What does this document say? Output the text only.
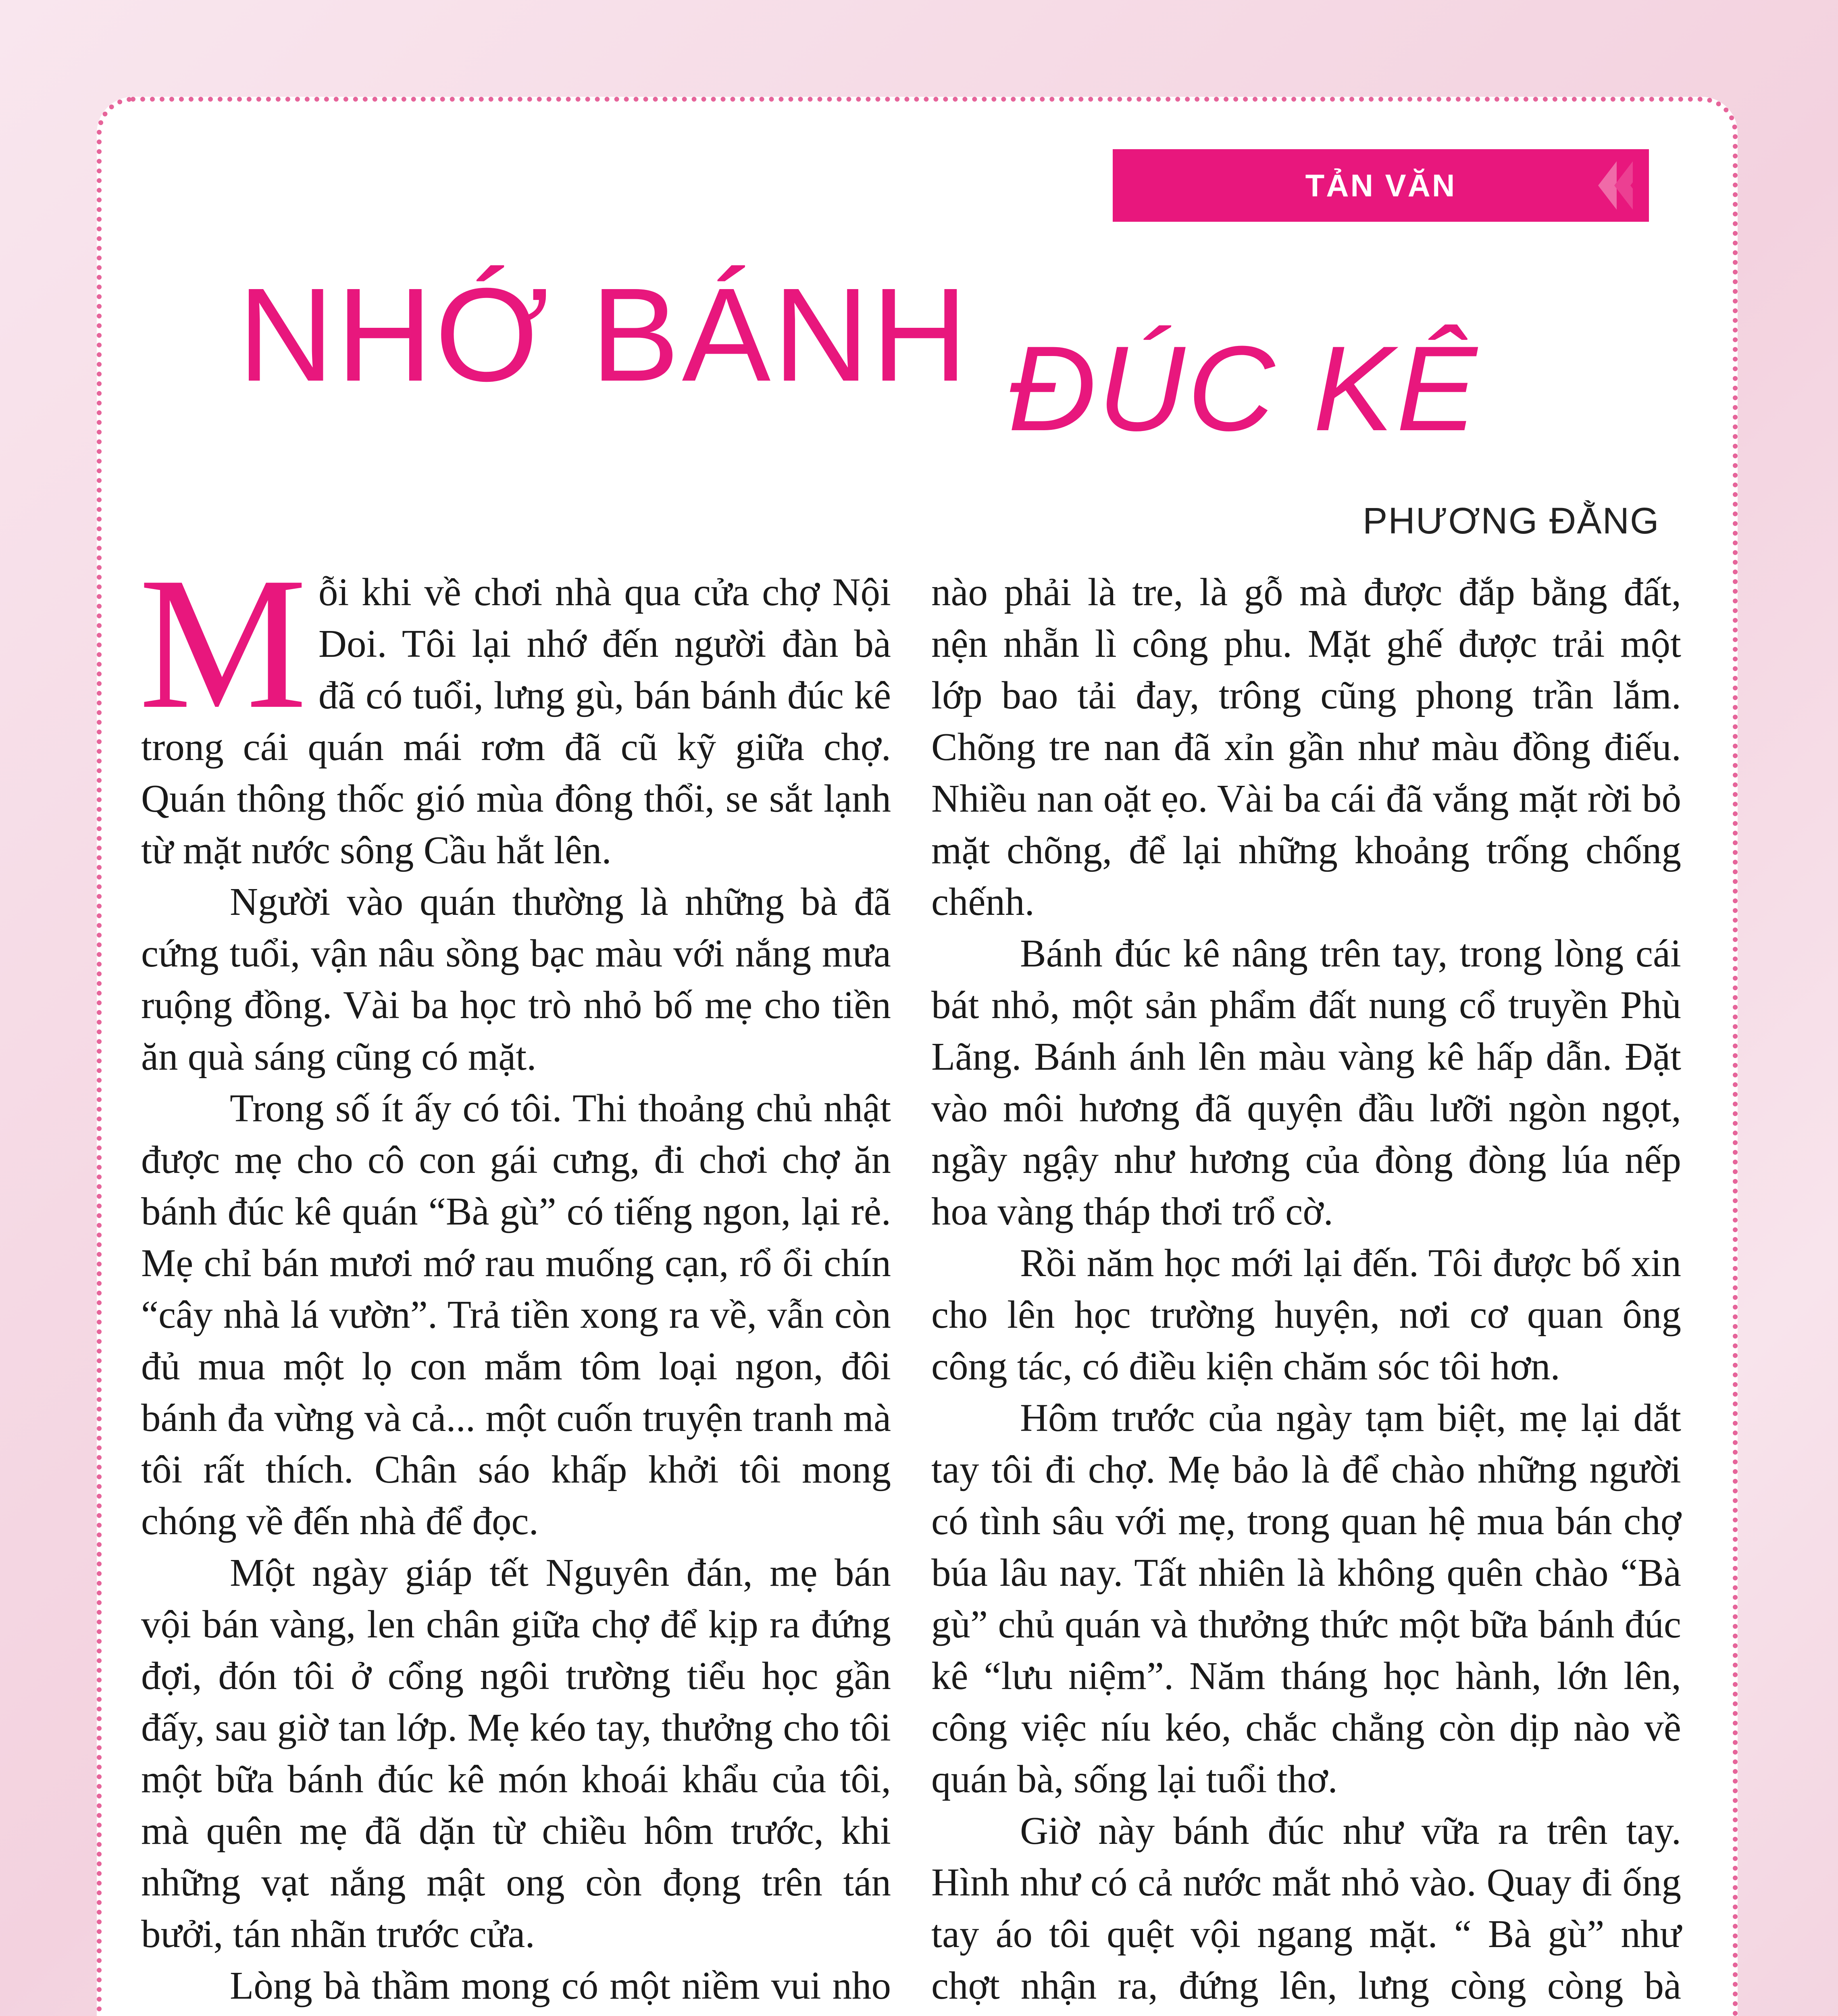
TẢN VĂN
NHỚ BÁNH ĐÚC KÊ
PHƯƠNG ĐẰNG

Mỗi khi về chơi nhà qua cửa chợ Nội Doi. Tôi lại nhớ đến người đàn bà đã có tuổi, lưng gù, bán bánh đúc kê trong cái quán mái rơm đã cũ kỹ giữa chợ. Quán thông thốc gió mùa đông thổi, se sắt lạnh từ mặt nước sông Cầu hắt lên.

Người vào quán thường là những bà đã cứng tuổi, vận nâu sồng bạc màu với nắng mưa ruộng đồng. Vài ba học trò nhỏ bố mẹ cho tiền ăn quà sáng cũng có mặt.

Trong số ít ấy có tôi. Thi thoảng chủ nhật được mẹ cho cô con gái cưng, đi chơi chợ ăn bánh đúc kê quán “Bà gù” có tiếng ngon, lại rẻ. Mẹ chỉ bán mươi mớ rau muống cạn, rổ ổi chín “cây nhà lá vườn”. Trả tiền xong ra về, vẫn còn đủ mua một lọ con mắm tôm loại ngon, đôi bánh đa vừng và cả... một cuốn truyện tranh mà tôi rất thích. Chân sáo khấp khởi tôi mong chóng về đến nhà để đọc.

Một ngày giáp tết Nguyên đán, mẹ bán vội bán vàng, len chân giữa chợ để kịp ra đứng đợi, đón tôi ở cổng ngôi trường tiểu học gần đấy, sau giờ tan lớp. Mẹ kéo tay, thưởng cho tôi một bữa bánh đúc kê món khoái khẩu của tôi, mà quên mẹ đã dặn từ chiều hôm trước, khi những vạt nắng mật ong còn đọng trên tán bưởi, tán nhãn trước cửa.

Lòng bà thầm mong có một niềm vui nho

nào phải là tre, là gỗ mà được đắp bằng đất, nện nhẵn lì công phu. Mặt ghế được trải một lớp bao tải đay, trông cũng phong trần lắm. Chõng tre nan đã xỉn gần như màu đồng điếu. Nhiều nan oặt ẹo. Vài ba cái đã vắng mặt rời bỏ mặt chõng, để lại những khoảng trống chống chếnh.

Bánh đúc kê nâng trên tay, trong lòng cái bát nhỏ, một sản phẩm đất nung cổ truyền Phù Lãng. Bánh ánh lên màu vàng kê hấp dẫn. Đặt vào môi hương đã quyện đầu lưỡi ngòn ngọt, ngầy ngậy như hương của đòng đòng lúa nếp hoa vàng tháp thơi trổ cờ.

Rồi năm học mới lại đến. Tôi được bố xin cho lên học trường huyện, nơi cơ quan ông công tác, có điều kiện chăm sóc tôi hơn.

Hôm trước của ngày tạm biệt, mẹ lại dắt tay tôi đi chợ. Mẹ bảo là để chào những người có tình sâu với mẹ, trong quan hệ mua bán chợ búa lâu nay. Tất nhiên là không quên chào “Bà gù” chủ quán và thưởng thức một bữa bánh đúc kê “lưu niệm”. Năm tháng học hành, lớn lên, công việc níu kéo, chắc chẳng còn dịp nào về quán bà, sống lại tuổi thơ.

Giờ này bánh đúc như vữa ra trên tay. Hình như có cả nước mắt nhỏ vào. Quay đi ống tay áo tôi quệt vội ngang mặt. “ Bà gù” như chợt nhận ra, đứng lên, lưng còng còng bà
